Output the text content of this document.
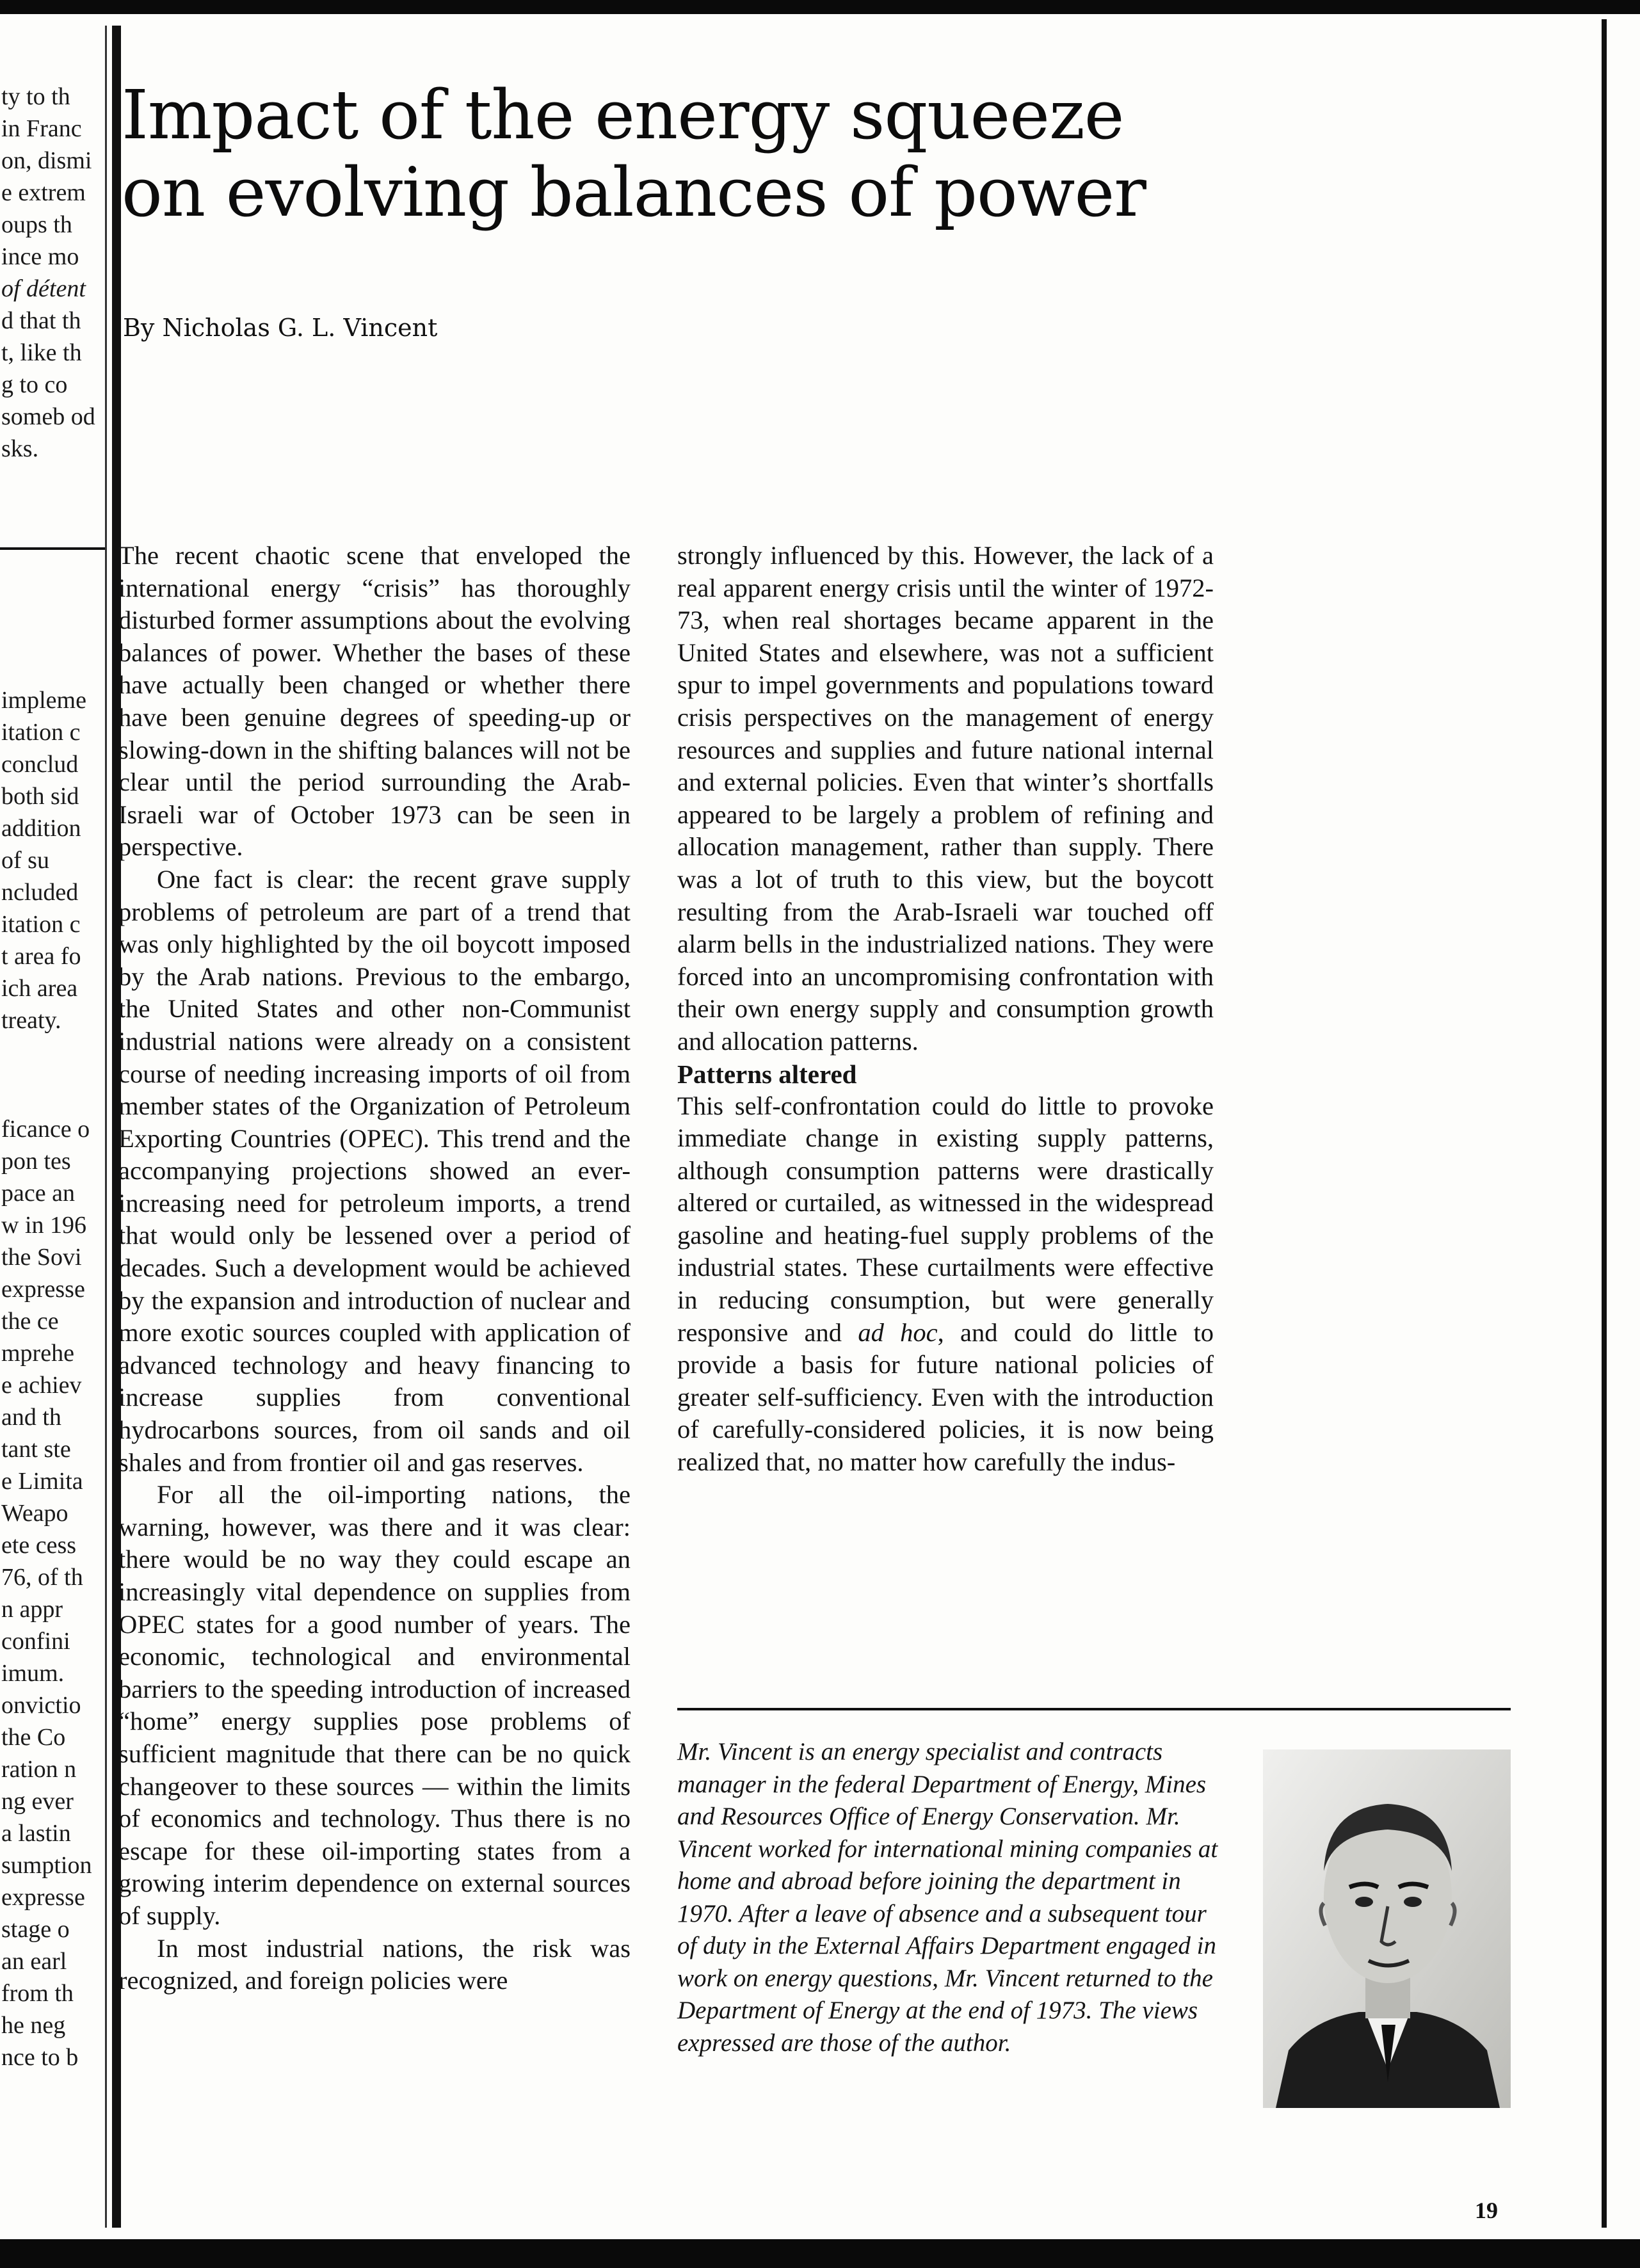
ty to th
in Franc
on, dismi
e extrem
oups th
ince mo
of détent
d that th
t, like th
g to co
someb od
sks.
impleme
itation c
conclud
both sid
addition
of su
ncluded
itation c
t area fo
ich area
treaty.
ficance o
pon tes
pace an
w in 196
the Sovi
expresse
the ce
mprehe
e achiev
and th
tant ste
e Limita
Weapo
ete cess
76, of th
n appr
confini
imum.
onvictio
the Co
ration n
ng ever
a lastin
sumption
expresse
stage o
an earl
from th
he neg
nce to b
Impact of the energy squeeze
on evolving balances of power

By Nicholas G. L. Vincent

The recent chaotic scene that enveloped the international energy “crisis” has thoroughly disturbed former assumptions about the evolving balances of power. Whether the bases of these have actually been changed or whether there have been genuine degrees of speeding-up or slowing-down in the shifting balances will not be clear until the period surrounding the Arab-Israeli war of October 1973 can be seen in perspective.

One fact is clear: the recent grave supply problems of petroleum are part of a trend that was only highlighted by the oil boycott imposed by the Arab nations. Previous to the embargo, the United States and other non-Communist industrial nations were already on a consistent course of needing increasing imports of oil from member states of the Organization of Petroleum Exporting Countries (OPEC). This trend and the accompanying projections showed an ever-increasing need for petroleum imports, a trend that would only be lessened over a period of decades. Such a development would be achieved by the expansion and introduction of nuclear and more exotic sources coupled with application of advanced technology and heavy financing to increase supplies from conventional hydrocarbons sources, from oil sands and oil shales and from frontier oil and gas reserves.

For all the oil-importing nations, the warning, however, was there and it was clear: there would be no way they could escape an increasingly vital dependence on supplies from OPEC states for a good number of years. The economic, technological and environmental barriers to the speeding introduction of increased “home” energy supplies pose problems of sufficient magnitude that there can be no quick changeover to these sources — within the limits of economics and technology. Thus there is no escape for these oil-importing states from a growing interim dependence on external sources of supply.

In most industrial nations, the risk was recognized, and foreign policies were

strongly influenced by this. However, the lack of a real apparent energy crisis until the winter of 1972-73, when real shortages became apparent in the United States and elsewhere, was not a sufficient spur to impel governments and populations toward crisis perspectives on the management of energy resources and supplies and future national internal and external policies. Even that winter’s shortfalls appeared to be largely a problem of refining and allocation management, rather than supply. There was a lot of truth to this view, but the boycott resulting from the Arab-Israeli war touched off alarm bells in the industrialized nations. They were forced into an uncompromising confrontation with their own energy supply and consumption growth and allocation patterns.

Patterns altered

This self-confrontation could do little to provoke immediate change in existing supply patterns, although consumption patterns were drastically altered or curtailed, as witnessed in the widespread gasoline and heating-fuel supply problems of the industrial states. These curtailments were effective in reducing consumption, but were generally responsive and ad hoc, and could do little to provide a basis for future national policies of greater self-sufficiency. Even with the introduction of carefully-considered policies, it is now being realized that, no matter how carefully the indus-

Mr. Vincent is an energy specialist and contracts manager in the federal Department of Energy, Mines and Resources Office of Energy Conservation. Mr. Vincent worked for international mining companies at home and abroad before joining the department in 1970. After a leave of absence and a subsequent tour of duty in the External Affairs Department engaged in work on energy questions, Mr. Vincent returned to the Department of Energy at the end of 1973. The views expressed are those of the author.

19
